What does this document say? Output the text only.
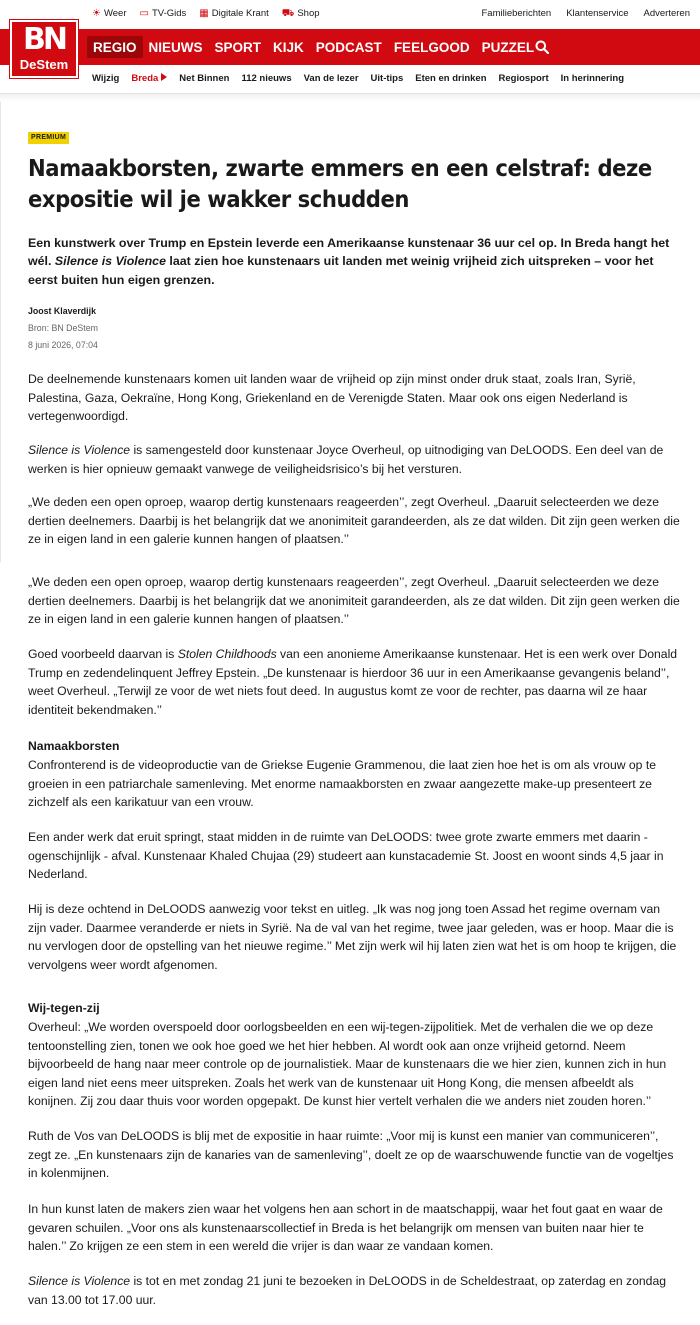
☀ Weer ▭ TV-Gids ▦ Digitale Krant ⛟ Shop	Familieberichten Klantenservice Adverteren
BN
DeStem
REGIO NIEUWS SPORT KIJK PODCAST FEELGOOD PUZZEL
Wijzig Breda	Net Binnen 112 nieuws Van de lezer Uit-tips Eten en drinken Regiosport In herinnering
PREMIUM
Namaakborsten, zwarte emmers en een celstraf: deze expositie wil je wakker schudden

Een kunstwerk over Trump en Epstein leverde een Amerikaanse kunstenaar 36 uur cel op. In Breda hangt het wél. Silence is Violence laat zien hoe kunstenaars uit landen met weinig vrijheid zich uitspreken – voor het eerst buiten hun eigen grenzen.

Joost Klaverdijk
Bron: BN DeStem
8 juni 2026, 07:04

De deelnemende kunstenaars komen uit landen waar de vrijheid op zijn minst onder druk staat, zoals Iran, Syrië, Palestina, Gaza, Oekraïne, Hong Kong, Griekenland en de Verenigde Staten. Maar ook ons eigen Nederland is vertegenwoordigd.

Silence is Violence is samengesteld door kunstenaar Joyce Overheul, op uitnodiging van DeLOODS. Een deel van de werken is hier opnieuw gemaakt vanwege de veiligheidsrisico’s bij het versturen.

„We deden een open oproep, waarop dertig kunstenaars reageerden’’, zegt Overheul. „Daaruit selecteerden we deze dertien deelnemers. Daarbij is het belangrijk dat we anonimiteit garandeerden, als ze dat wilden. Dit zijn geen werken die ze in eigen land in een galerie kunnen hangen of plaatsen.’’

„We deden een open oproep, waarop dertig kunstenaars reageerden’’, zegt Overheul. „Daaruit selecteerden we deze dertien deelnemers. Daarbij is het belangrijk dat we anonimiteit garandeerden, als ze dat wilden. Dit zijn geen werken die ze in eigen land in een galerie kunnen hangen of plaatsen.’’

Goed voorbeeld daarvan is Stolen Childhoods van een anonieme Amerikaanse kunstenaar. Het is een werk over Donald Trump en zedendelinquent Jeffrey Epstein. „De kunstenaar is hierdoor 36 uur in een Amerikaanse gevangenis beland’’, weet Overheul. „Terwijl ze voor de wet niets fout deed. In augustus komt ze voor de rechter, pas daarna wil ze haar identiteit bekendmaken.’’

Namaakborsten

Confronterend is de videoproductie van de Griekse Eugenie Grammenou, die laat zien hoe het is om als vrouw op te groeien in een patriarchale samenleving. Met enorme namaakborsten en zwaar aangezette make-up presenteert ze zichzelf als een karikatuur van een vrouw.

Een ander werk dat eruit springt, staat midden in de ruimte van DeLOODS: twee grote zwarte emmers met daarin - ogenschijnlijk - afval. Kunstenaar Khaled Chujaa (29) studeert aan kunstacademie St. Joost en woont sinds 4,5 jaar in Nederland.

Hij is deze ochtend in DeLOODS aanwezig voor tekst en uitleg. „Ik was nog jong toen Assad het regime overnam van zijn vader. Daarmee veranderde er niets in Syrië. Na de val van het regime, twee jaar geleden, was er hoop. Maar die is nu vervlogen door de opstelling van het nieuwe regime.’’ Met zijn werk wil hij laten zien wat het is om hoop te krijgen, die vervolgens weer wordt afgenomen.

Wij-tegen-zij

Overheul: „We worden overspoeld door oorlogsbeelden en een wij-tegen-zijpolitiek. Met de verhalen die we op deze tentoonstelling zien, tonen we ook hoe goed we het hier hebben. Al wordt ook aan onze vrijheid getornd. Neem bijvoorbeeld de hang naar meer controle op de journalistiek. Maar de kunstenaars die we hier zien, kunnen zich in hun eigen land niet eens meer uitspreken. Zoals het werk van de kunstenaar uit Hong Kong, die mensen afbeeldt als konijnen. Zij zou daar thuis voor worden opgepakt. De kunst hier vertelt verhalen die we anders niet zouden horen.’’

Ruth de Vos van DeLOODS is blij met de expositie in haar ruimte: „Voor mij is kunst een manier van communiceren’’, zegt ze. „En kunstenaars zijn de kanaries van de samenleving’’, doelt ze op de waarschuwende functie van de vogeltjes in kolenmijnen.

In hun kunst laten de makers zien waar het volgens hen aan schort in de maatschappij, waar het fout gaat en waar de gevaren schuilen. „Voor ons als kunstenaarscollectief in Breda is het belangrijk om mensen van buiten naar hier te halen.’’ Zo krijgen ze een stem in een wereld die vrijer is dan waar ze vandaan komen.

Silence is Violence is tot en met zondag 21 juni te bezoeken in DeLOODS in de Scheldestraat, op zaterdag en zondag van 13.00 tot 17.00 uur.
